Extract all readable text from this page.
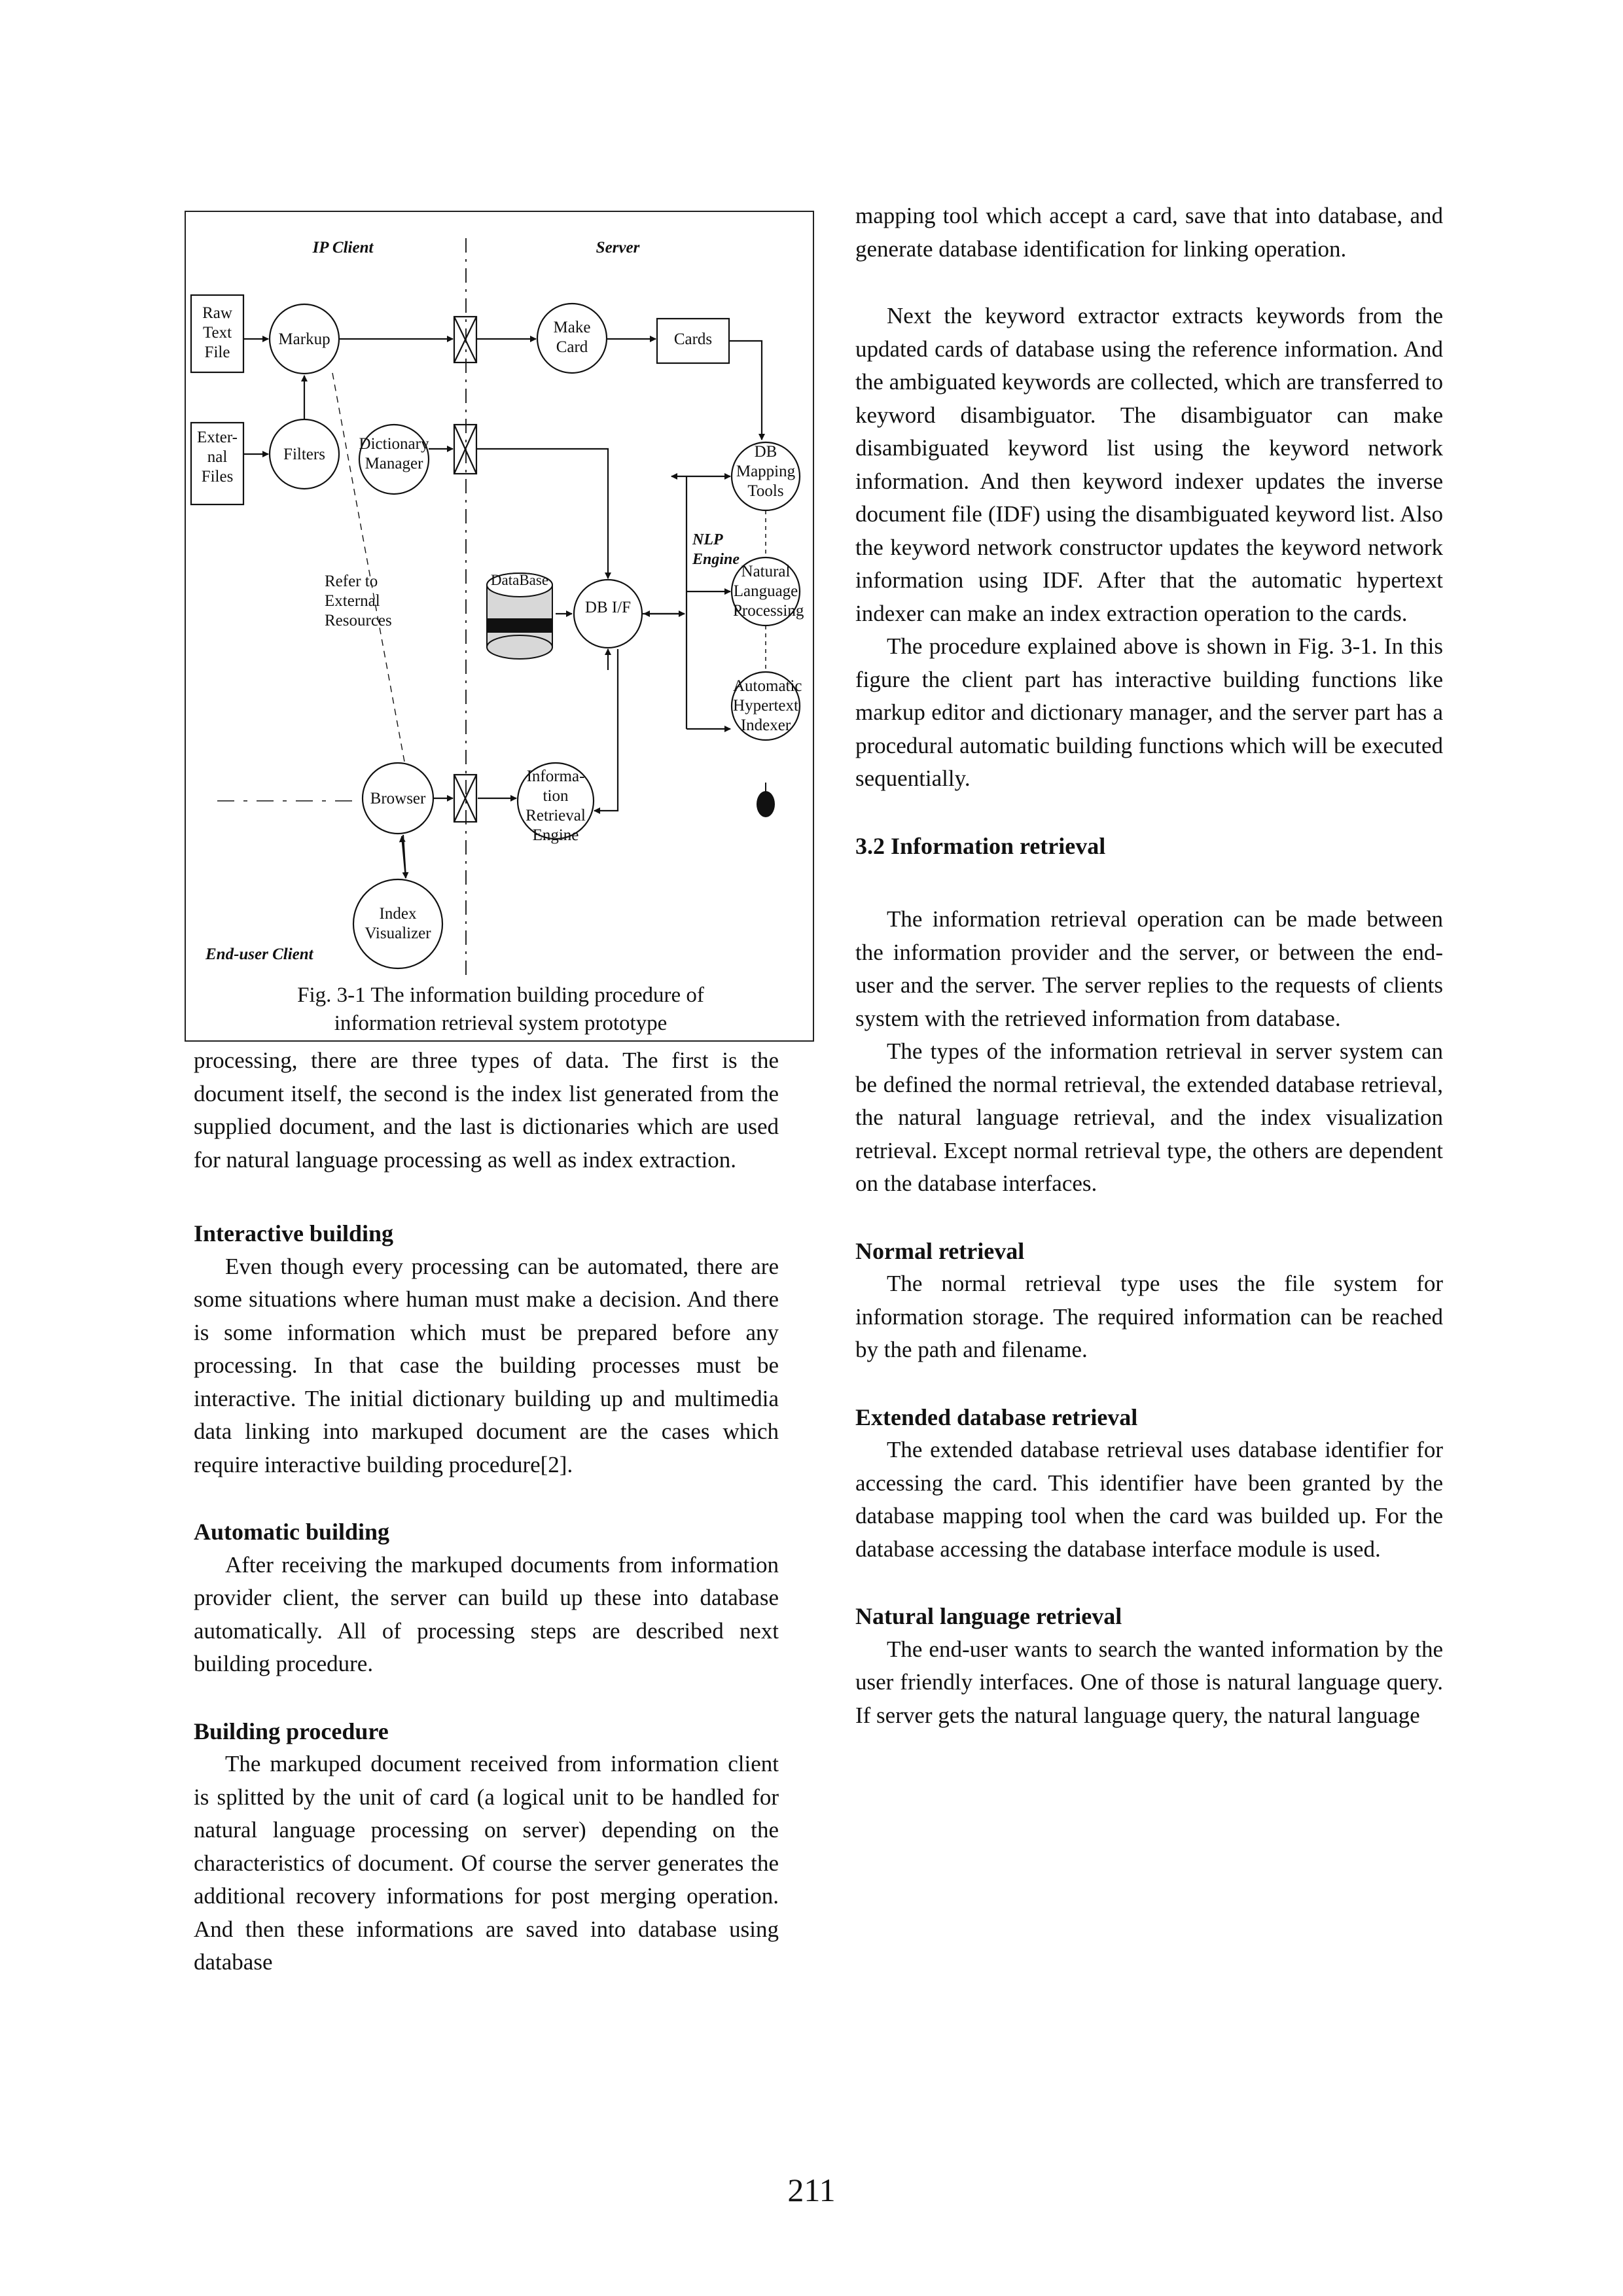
IP Client	Server
Raw Text File
Exter- nal Files
Markup
Filters
Dictionary Manager
Make Card	Cards
DB Mapping Tools
NLP Engine
Natural Language Processing
Automatic Hypertext Indexer
DataBase
DB I/F
Refer to External Resources
Browser
Informa- tion Retrieval Engine
Index Visualizer
End-user Client
Fig. 3-1 The information building procedure of
information retrieval system prototype

processing, there are three types of data. The first is the document itself, the second is the index list generated from the supplied document, and the last is dictionaries which are used for natural language processing as well as index extraction.

Interactive building

Even though every processing can be automated, there are some situations where human must make a decision. And there is some information which must be prepared before any processing. In that case the building processes must be interactive. The initial dictionary building up and multimedia data linking into markuped document are the cases which require interactive building procedure[2].

Automatic building

After receiving the markuped documents from information provider client, the server can build up these into database automatically. All of processing steps are described next building procedure.

Building procedure

The markuped document received from information client is splitted by the unit of card (a logical unit to be handled for natural language processing on server) depending on the characteristics of document. Of course the server generates the additional recovery informations for post merging operation. And then these informations are saved into database using database

mapping tool which accept a card, save that into database, and generate database identification for linking operation.

Next the keyword extractor extracts keywords from the updated cards of database using the reference information. And the ambiguated keywords are collected, which are transferred to keyword disambiguator. The disambiguator can make disambiguated keyword list using the keyword network information. And then keyword indexer updates the inverse document file (IDF) using the disambiguated keyword list. Also the keyword network constructor updates the keyword network information using IDF. After that the automatic hypertext indexer can make an index extraction operation to the cards.

The procedure explained above is shown in Fig. 3-1. In this figure the client part has interactive building functions like markup editor and dictionary manager, and the server part has a procedural automatic building functions which will be executed sequentially.

3.2 Information retrieval

The information retrieval operation can be made between the information provider and the server, or between the end-user and the server. The server replies to the requests of clients system with the retrieved information from database.

The types of the information retrieval in server system can be defined the normal retrieval, the extended database retrieval, the natural language retrieval, and the index visualization retrieval. Except normal retrieval type, the others are dependent on the database interfaces.

Normal retrieval

The normal retrieval type uses the file system for information storage. The required information can be reached by the path and filename.

Extended database retrieval

The extended database retrieval uses database identifier for accessing the card. This identifier have been granted by the database mapping tool when the card was builded up. For the database accessing the database interface module is used.

Natural language retrieval

The end-user wants to search the wanted information by the user friendly interfaces. One of those is natural language query. If server gets the natural language query, the natural language

211
